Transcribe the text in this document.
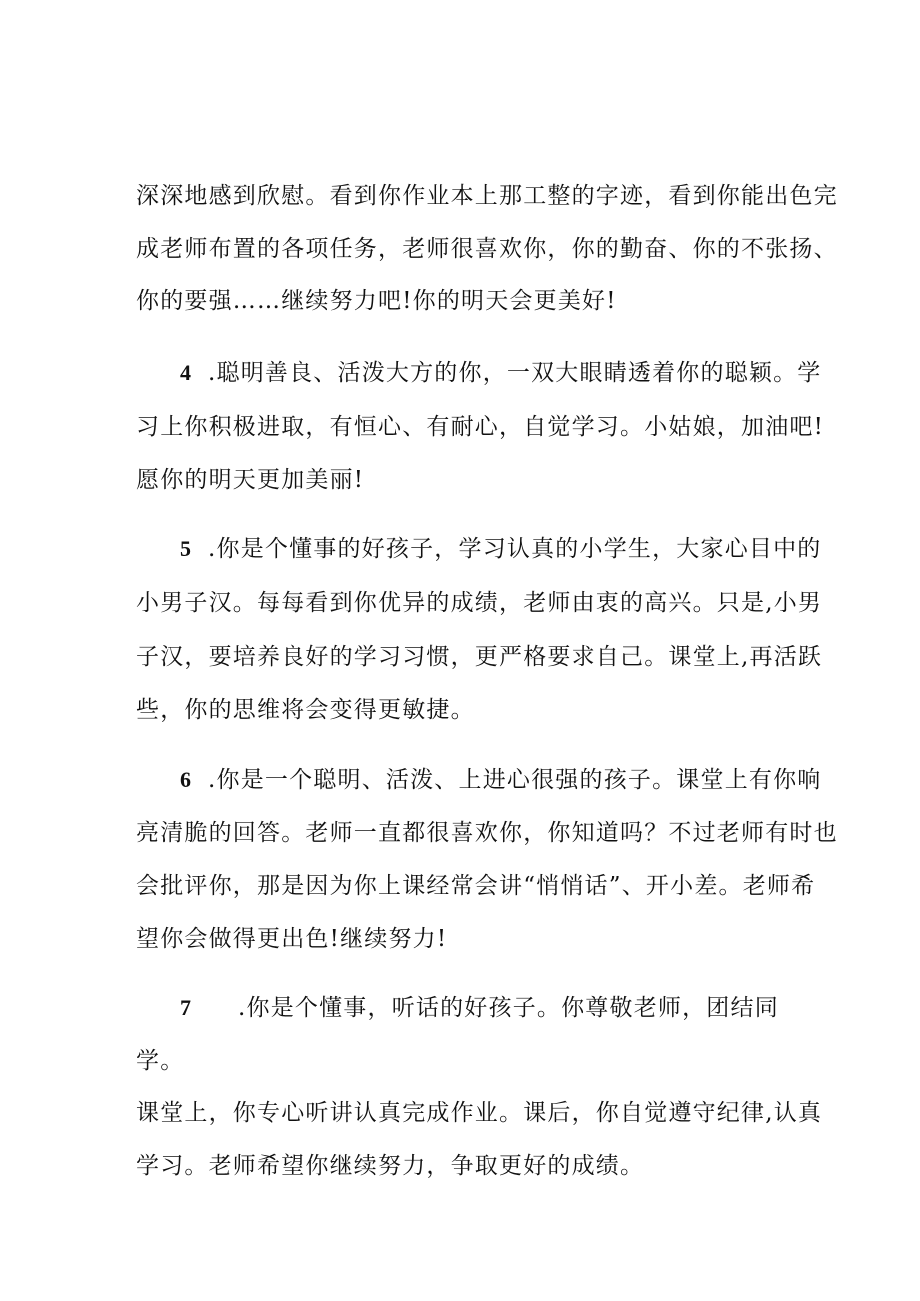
深深地感到欣慰。看到你作业本上那工整的字迹，看到你能出色完
成老师布置的各项任务，老师很喜欢你，你的勤奋、你的不张扬、
你的要强……继续努力吧!你的明天会更美好!
4 .聪明善良、活泼大方的你，一双大眼睛透着你的聪颖。学
习上你积极进取，有恒心、有耐心，自觉学习。小姑娘，加油吧!
愿你的明天更加美丽!
5 .你是个懂事的好孩子，学习认真的小学生，大家心目中的
小男子汉。每每看到你优异的成绩，老师由衷的高兴。只是,小男
子汉，要培养良好的学习习惯，更严格要求自己。课堂上,再活跃
些，你的思维将会变得更敏捷。
6 .你是一个聪明、活泼、上进心很强的孩子。课堂上有你响
亮清脆的回答。老师一直都很喜欢你，你知道吗？不过老师有时也
会批评你，那是因为你上课经常会讲“悄悄话”、开小差。老师希
望你会做得更出色!继续努力!
7 .你是个懂事，听话的好孩子。你尊敬老师，团结同
学。
课堂上，你专心听讲认真完成作业。课后，你自觉遵守纪律,认真
学习。老师希望你继续努力，争取更好的成绩。
